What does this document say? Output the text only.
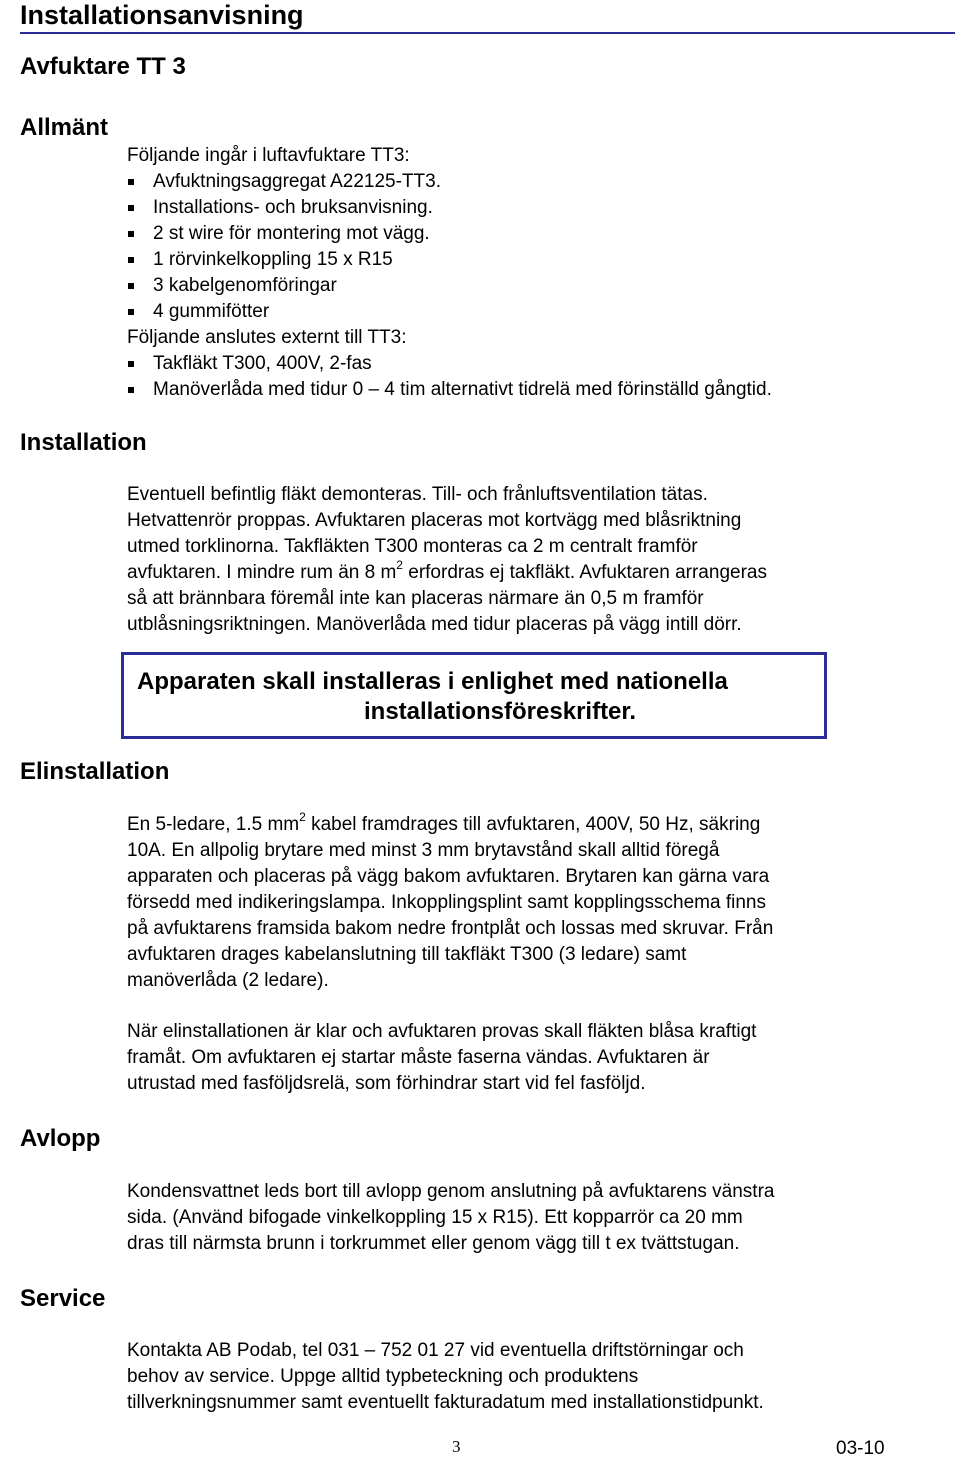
Installationsanvisning
Avfuktare TT 3
Allmänt

Följande ingår i luftavfuktare TT3:

Avfuktningsaggregat A22125-TT3.

Installations- och bruksanvisning.

2 st wire för montering mot vägg.

1 rörvinkelkoppling 15 x R15

3 kabelgenomföringar

4 gummifötter

Följande anslutes externt till TT3:

Takfläkt T300, 400V, 2-fas

Manöverlåda med tidur 0 – 4 tim alternativt tidrelä med förinställd gångtid.

Installation

Eventuell befintlig fläkt demonteras. Till- och frånluftsventilation tätas.

Hetvattenrör proppas. Avfuktaren placeras mot kortvägg med blåsriktning

utmed torklinorna. Takfläkten T300 monteras ca 2 m centralt framför

avfuktaren. I mindre rum än 8 $m^2$ erfordras ej takfläkt. Avfuktaren arrangeras

så att brännbara föremål inte kan placeras närmare än 0,5 m framför

utblåsningsriktningen. Manöverlåda med tidur placeras på vägg intill dörr.

Apparaten skall installeras i enlighet med nationella
installationsföreskrifter.
Elinstallation

En 5-ledare, 1.5 $mm^2$ kabel framdrages till avfuktaren, 400V, 50 Hz, säkring

10A. En allpolig brytare med minst 3 mm brytavstånd skall alltid föregå

apparaten och placeras på vägg bakom avfuktaren. Brytaren kan gärna vara

försedd med indikeringslampa. Inkopplingsplint samt kopplingsschema finns

på avfuktarens framsida bakom nedre frontplåt och lossas med skruvar. Från

avfuktaren drages kabelanslutning till takfläkt T300 (3 ledare) samt

manöverlåda (2 ledare).

När elinstallationen är klar och avfuktaren provas skall fläkten blåsa kraftigt

framåt. Om avfuktaren ej startar måste faserna vändas. Avfuktaren är

utrustad med fasföljdsrelä, som förhindrar start vid fel fasföljd.

Avlopp

Kondensvattnet leds bort till avlopp genom anslutning på avfuktarens vänstra

sida. (Använd bifogade vinkelkoppling 15 x R15). Ett kopparrör ca 20 mm

dras till närmsta brunn i torkrummet eller genom vägg till t ex tvättstugan.

Service

Kontakta AB Podab, tel 031 – 752 01 27 vid eventuella driftstörningar och

behov av service. Uppge alltid typbeteckning och produktens

tillverkningsnummer samt eventuellt fakturadatum med installationstidpunkt.

3	03-10
